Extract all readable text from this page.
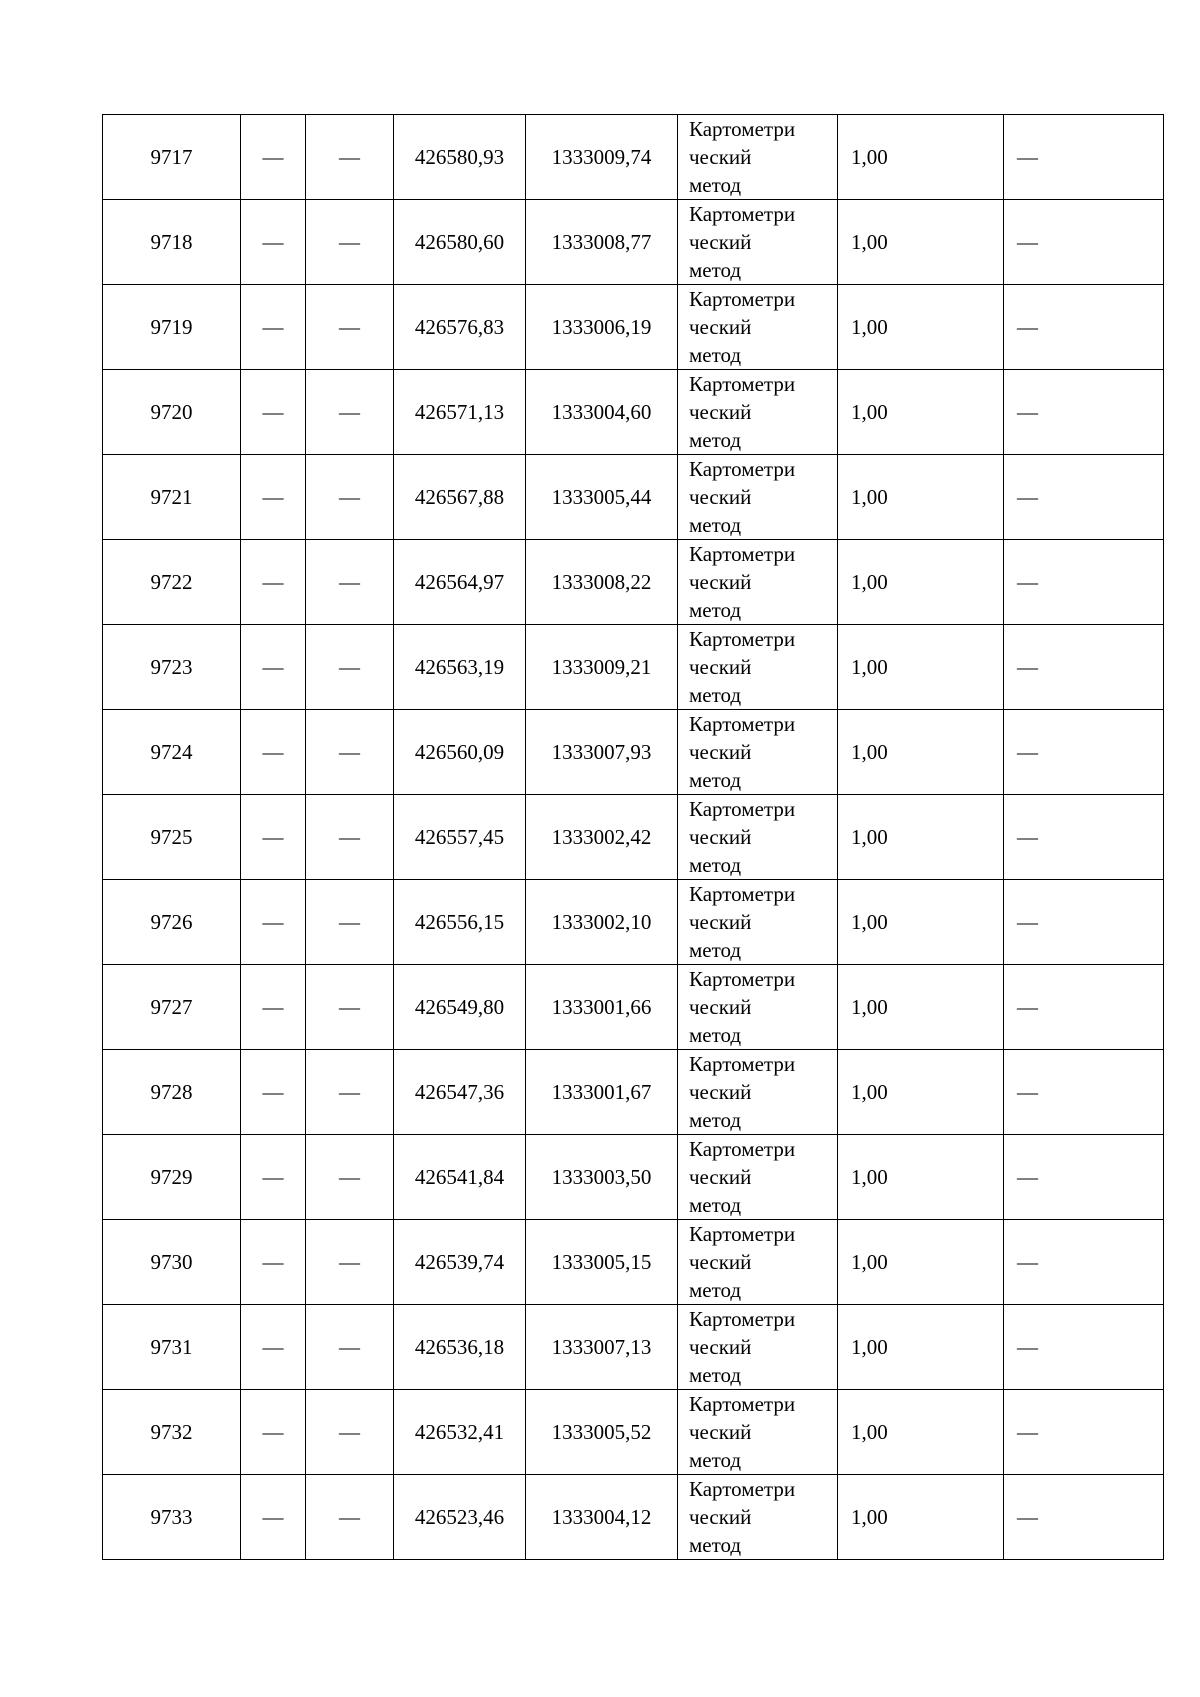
9717	—	—	426580,93	1333009,74	Картометри
ческий
метод	1,00	—
9718	—	—	426580,60	1333008,77	Картометри
ческий
метод	1,00	—
9719	—	—	426576,83	1333006,19	Картометри
ческий
метод	1,00	—
9720	—	—	426571,13	1333004,60	Картометри
ческий
метод	1,00	—
9721	—	—	426567,88	1333005,44	Картометри
ческий
метод	1,00	—
9722	—	—	426564,97	1333008,22	Картометри
ческий
метод	1,00	—
9723	—	—	426563,19	1333009,21	Картометри
ческий
метод	1,00	—
9724	—	—	426560,09	1333007,93	Картометри
ческий
метод	1,00	—
9725	—	—	426557,45	1333002,42	Картометри
ческий
метод	1,00	—
9726	—	—	426556,15	1333002,10	Картометри
ческий
метод	1,00	—
9727	—	—	426549,80	1333001,66	Картометри
ческий
метод	1,00	—
9728	—	—	426547,36	1333001,67	Картометри
ческий
метод	1,00	—
9729	—	—	426541,84	1333003,50	Картометри
ческий
метод	1,00	—
9730	—	—	426539,74	1333005,15	Картометри
ческий
метод	1,00	—
9731	—	—	426536,18	1333007,13	Картометри
ческий
метод	1,00	—
9732	—	—	426532,41	1333005,52	Картометри
ческий
метод	1,00	—
9733	—	—	426523,46	1333004,12	Картометри
ческий
метод	1,00	—
